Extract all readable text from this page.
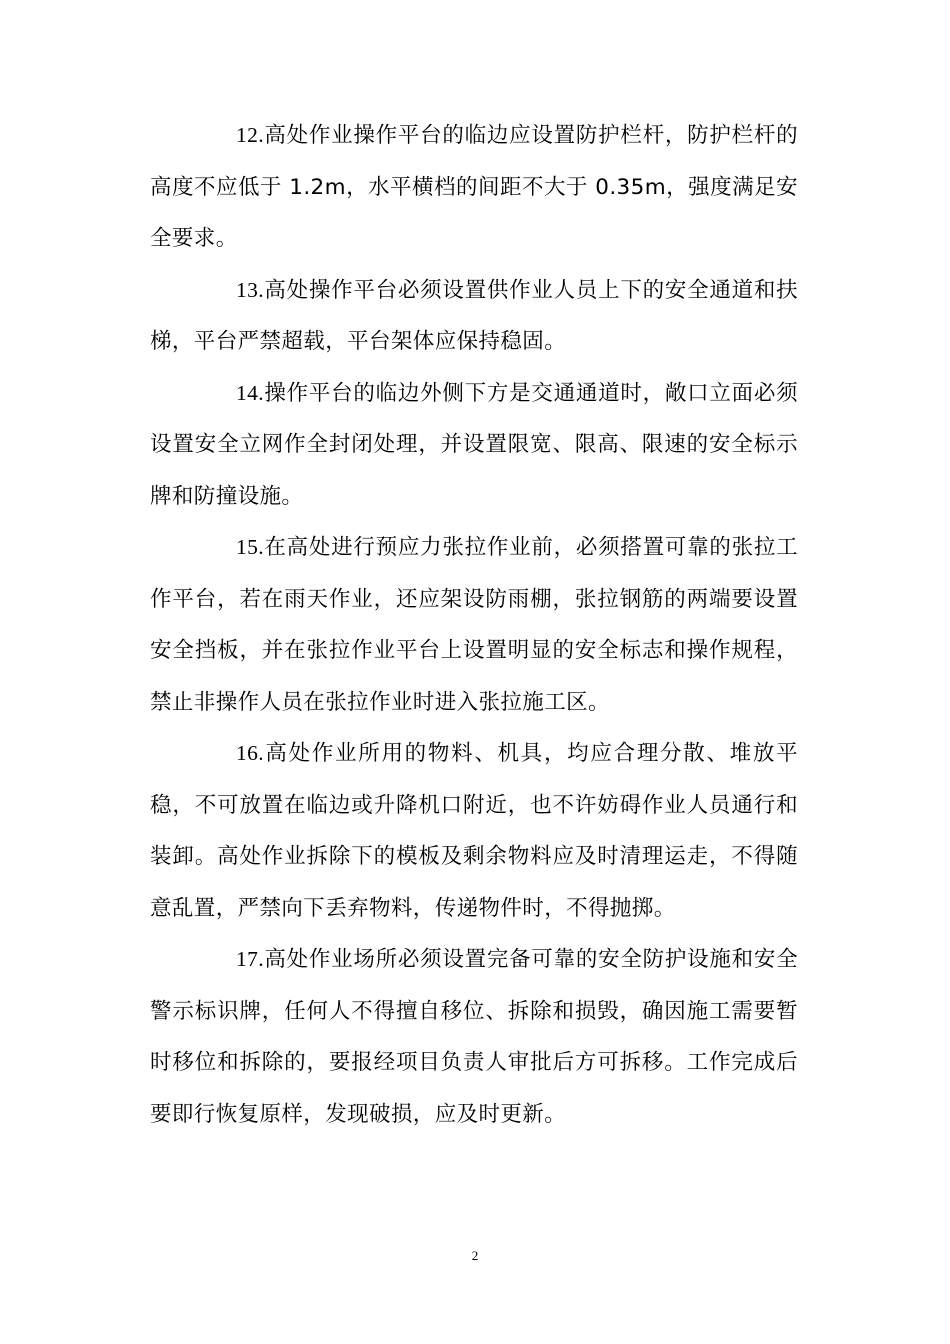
12.高处作业操作平台的临边应设置防护栏杆，防护栏杆的高度不应低于 1.2m，水平横档的间距不大于 0.35m，强度满足安全要求。

13.高处操作平台必须设置供作业人员上下的安全通道和扶梯，平台严禁超载，平台架体应保持稳固。

14.操作平台的临边外侧下方是交通通道时，敞口立面必须设置安全立网作全封闭处理，并设置限宽、限高、限速的安全标示牌和防撞设施。

15.在高处进行预应力张拉作业前，必须搭置可靠的张拉工作平台，若在雨天作业，还应架设防雨棚，张拉钢筋的两端要设置安全挡板，并在张拉作业平台上设置明显的安全标志和操作规程，禁止非操作人员在张拉作业时进入张拉施工区。

16.高处作业所用的物料、机具，均应合理分散、堆放平稳，不可放置在临边或升降机口附近，也不许妨碍作业人员通行和装卸。高处作业拆除下的模板及剩余物料应及时清理运走，不得随意乱置，严禁向下丢弃物料，传递物件时，不得抛掷。

17.高处作业场所必须设置完备可靠的安全防护设施和安全警示标识牌，任何人不得擅自移位、拆除和损毁，确因施工需要暂时移位和拆除的，要报经项目负责人审批后方可拆移。工作完成后要即行恢复原样，发现破损，应及时更新。

2
